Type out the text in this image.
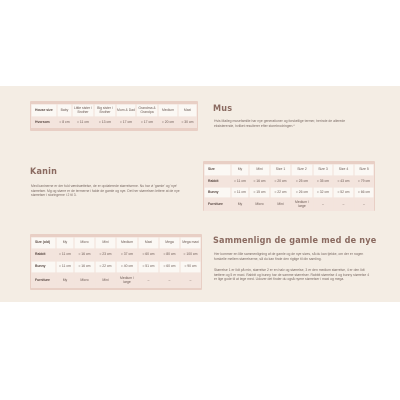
House size	Baby	Little sister / Brother	Big sister / Brother	Mum & Dad	Grandma & Grandpa	Medium	Maxi
Hvorsom	≈ 8 cm	≈ 11 cm	≈ 13 cm	≈ 17 cm	≈ 17 cm	≈ 20 cm	≈ 30 cm
Mus

Hvis Maileg musefamilie har nye generationer og forskellige termer, herinde de allerede eksisterende, hvilket resulterer efter storebrodringen.*

Kanin

Med kaninerne er der fuld værdsættelse, de er opdaterede størrelserne. Nu har vi 'gamle' og 'nye' størrelser. Mg og større er de termerne i falde de gamle og nye. Det her størrelsen lettere at de nye størrelser i storingerne i 2 til 3.

Size	My	Mini	Size 1	Size 2	Size 3	Size 4	Size 5
Rabbit	≈ 11 cm	≈ 16 cm	≈ 20 cm	≈ 25 cm	≈ 35 cm	≈ 43 cm	≈ 79 cm
Bunny	≈ 11 cm	≈ 15 cm	≈ 22 cm	≈ 26 cm	≈ 32 cm	≈ 52 cm	≈ 66 cm
Furniture	My	Micro	Mini	Medium / large	–	–	–
Size (old)	My	Micro	Mini	Medium	Maxi	Mega	Mega maxi
Rabbit	≈ 11 cm	≈ 16 cm	≈ 23 cm	≈ 37 cm	≈ 60 cm	≈ 80 cm	≈ 100 cm
Bunny	≈ 11 cm	≈ 16 cm	≈ 22 cm	≈ 40 cm	≈ 51 cm	≈ 60 cm	≈ 90 cm
Furniture	My	Micro	Mini	Medium / large	–	–	–
Sammenlign de gamle med de nye

Her kommer en lille sammenligning af de gamle og de nye sizes, så du kan tjekke, om der er nogen forskelle mellem størrelserne, så du kan finde den rigtige til din samling.

Størrelse 1 er lidt på min, størrelse 2 er en halv og størrelse, 3 er den medium størrelse, 4 er den lidt tættere og 5 er maxi. Rabbit og bunny har de samme størrelser. Rabbit størrelse 4 og bunny størrelse 4 er lige gode til at lege med. Udover det finder du også nyere størrelser i maxi og mega.
